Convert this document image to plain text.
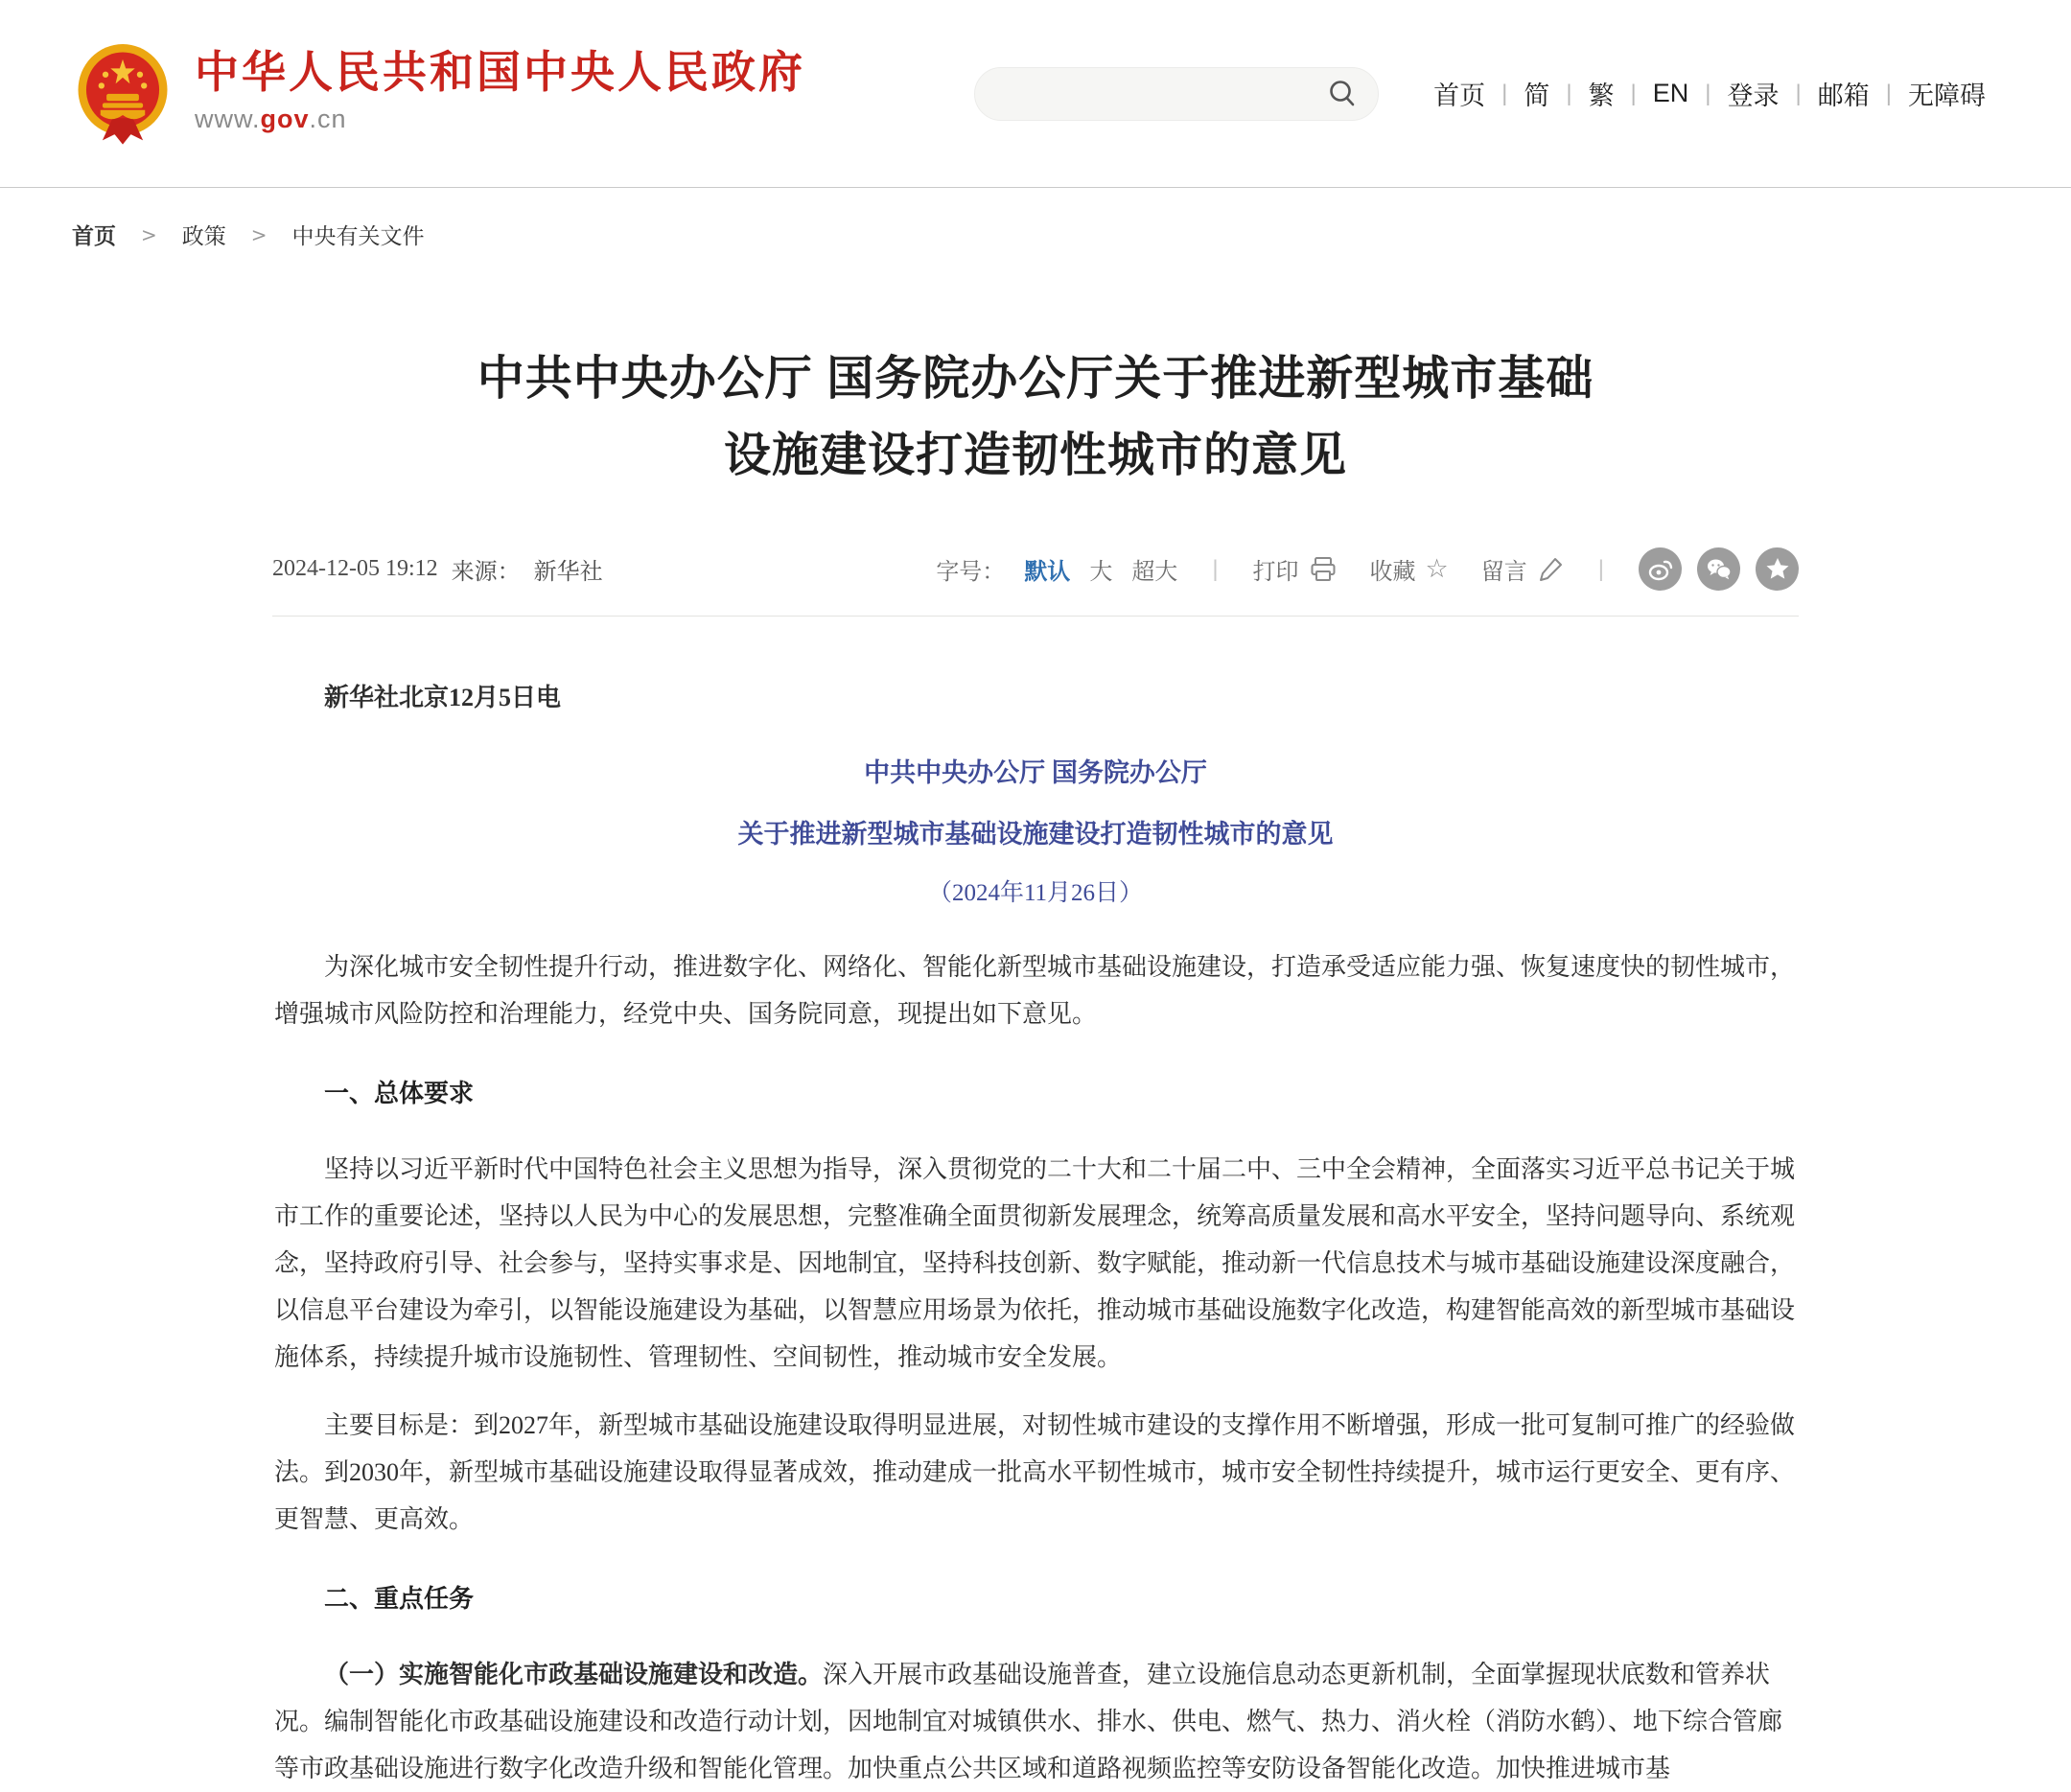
中华人民共和国中央人民政府
www.gov.cn
首页 | 简 | 繁 | EN | 登录 | 邮箱 | 无障碍
首页 > 政策 > 中央有关文件
中共中央办公厅 国务院办公厅关于推进新型城市基础设施建设打造韧性城市的意见
2024-12-05 19:12 来源： 新华社	字号： 默认 大 超大 | 打印	收藏 ☆ 留言	|

新华社北京12月5日电

中共中央办公厅 国务院办公厅

关于推进新型城市基础设施建设打造韧性城市的意见

（2024年11月26日）

为深化城市安全韧性提升行动，推进数字化、网络化、智能化新型城市基础设施建设，打造承受适应能力强、恢复速度快的韧性城市，增强城市风险防控和治理能力，经党中央、国务院同意，现提出如下意见。

一、总体要求

坚持以习近平新时代中国特色社会主义思想为指导，深入贯彻党的二十大和二十届二中、三中全会精神，全面落实习近平总书记关于城市工作的重要论述，坚持以人民为中心的发展思想，完整准确全面贯彻新发展理念，统筹高质量发展和高水平安全，坚持问题导向、系统观念，坚持政府引导、社会参与，坚持实事求是、因地制宜，坚持科技创新、数字赋能，推动新一代信息技术与城市基础设施建设深度融合，以信息平台建设为牵引，以智能设施建设为基础，以智慧应用场景为依托，推动城市基础设施数字化改造，构建智能高效的新型城市基础设施体系，持续提升城市设施韧性、管理韧性、空间韧性，推动城市安全发展。

主要目标是：到2027年，新型城市基础设施建设取得明显进展，对韧性城市建设的支撑作用不断增强，形成一批可复制可推广的经验做法。到2030年，新型城市基础设施建设取得显著成效，推动建成一批高水平韧性城市，城市安全韧性持续提升，城市运行更安全、更有序、更智慧、更高效。

二、重点任务

（一）实施智能化市政基础设施建设和改造。深入开展市政基础设施普查，建立设施信息动态更新机制，全面掌握现状底数和管养状况。编制智能化市政基础设施建设和改造行动计划，因地制宜对城镇供水、排水、供电、燃气、热力、消火栓（消防水鹤）、地下综合管廊等市政基础设施进行数字化改造升级和智能化管理。加快重点公共区域和道路视频监控等安防设备智能化改造。加快推进城市基
